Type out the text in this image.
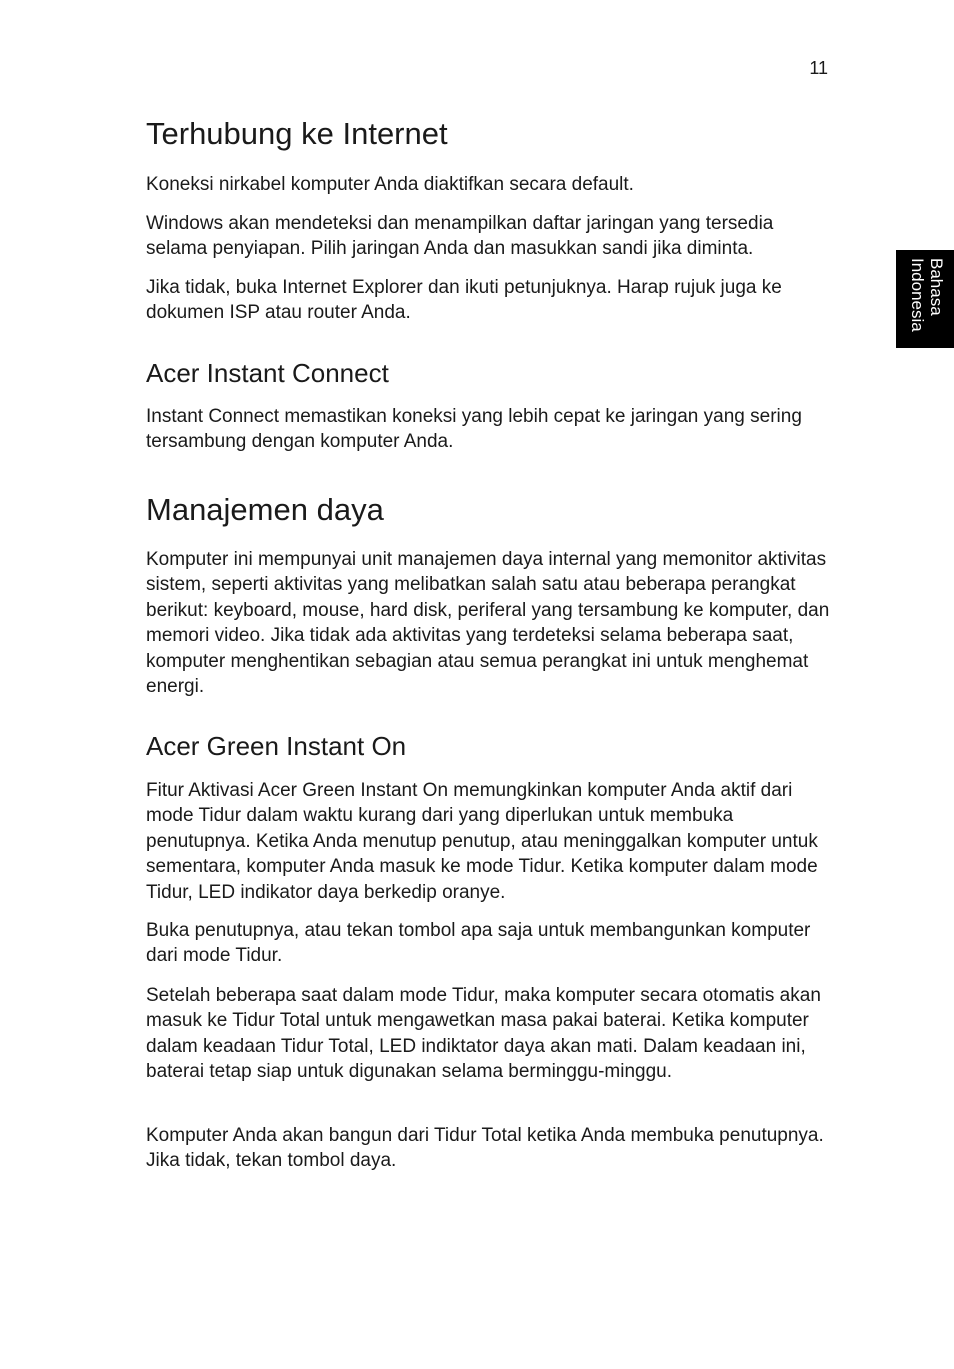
11
Bahasa
Indonesia
Terhubung ke Internet

Koneksi nirkabel komputer Anda diaktifkan secara default.

Windows akan mendeteksi dan menampilkan daftar jaringan yang tersedia selama penyiapan. Pilih jaringan Anda dan masukkan sandi jika diminta.

Jika tidak, buka Internet Explorer dan ikuti petunjuknya. Harap rujuk juga ke dokumen ISP atau router Anda.

Acer Instant Connect

Instant Connect memastikan koneksi yang lebih cepat ke jaringan yang sering tersambung dengan komputer Anda.

Manajemen daya

Komputer ini mempunyai unit manajemen daya internal yang memonitor aktivitas sistem, seperti aktivitas yang melibatkan salah satu atau beberapa perangkat berikut: keyboard, mouse, hard disk, periferal yang tersambung ke komputer, dan memori video. Jika tidak ada aktivitas yang terdeteksi selama beberapa saat, komputer menghentikan sebagian atau semua perangkat ini untuk menghemat energi.

Acer Green Instant On

Fitur Aktivasi Acer Green Instant On memungkinkan komputer Anda aktif dari mode Tidur dalam waktu kurang dari yang diperlukan untuk membuka penutupnya. Ketika Anda menutup penutup, atau meninggalkan komputer untuk sementara, komputer Anda masuk ke mode Tidur. Ketika komputer dalam mode Tidur, LED indikator daya berkedip oranye.

Buka penutupnya, atau tekan tombol apa saja untuk membangunkan komputer dari mode Tidur.

Setelah beberapa saat dalam mode Tidur, maka komputer secara otomatis akan masuk ke Tidur Total untuk mengawetkan masa pakai baterai. Ketika komputer dalam keadaan Tidur Total, LED indiktator daya akan mati. Dalam keadaan ini, baterai tetap siap untuk digunakan selama berminggu-minggu.

Komputer Anda akan bangun dari Tidur Total ketika Anda membuka penutupnya. Jika tidak, tekan tombol daya.
